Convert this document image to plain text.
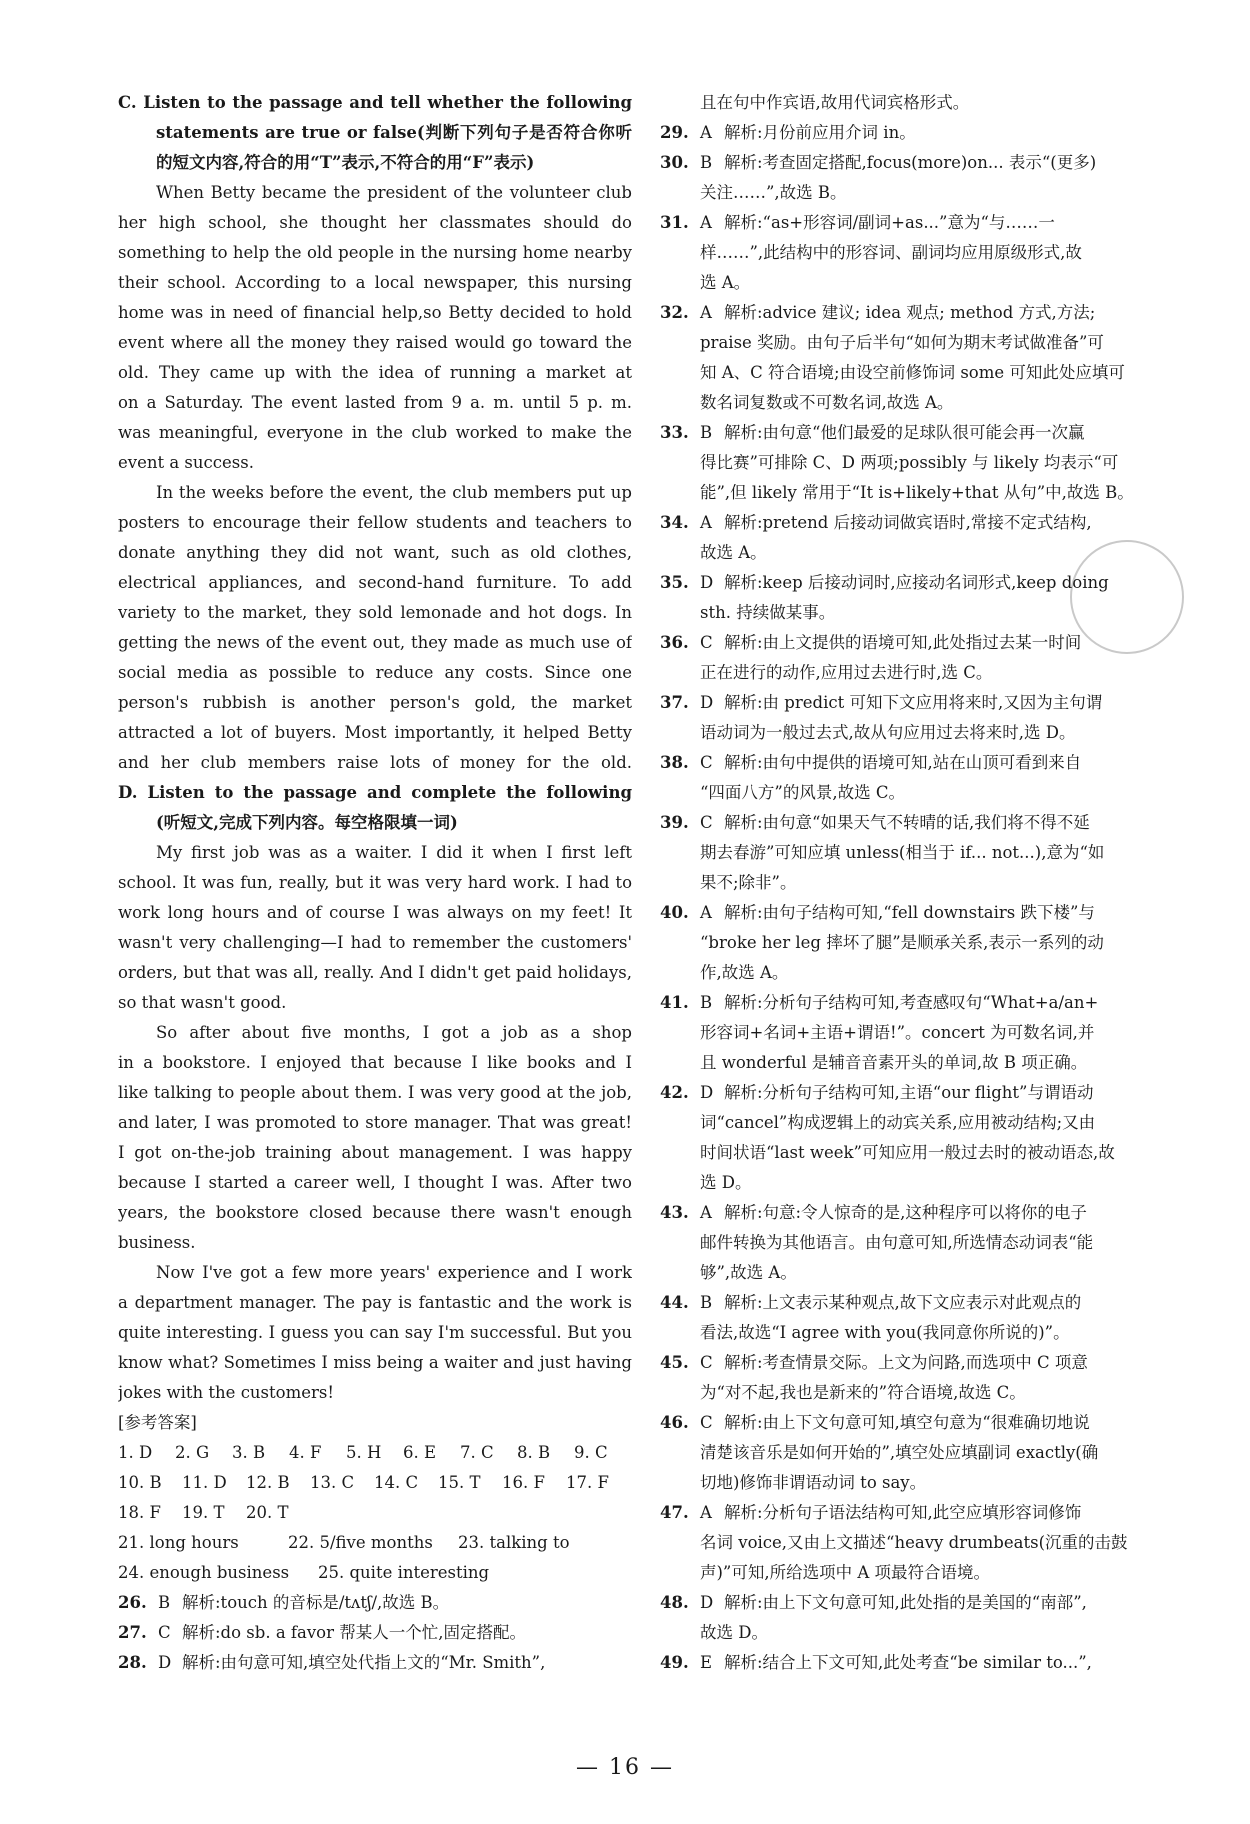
C. Listen to the passage and tell whether the following
statements are true or false(判断下列句子是否符合你听
的短文内容,符合的用“T”表示,不符合的用“F”表示)
When Betty became the president of the volunteer club
her high school, she thought her classmates should do
something to help the old people in the nursing home nearby
their school. According to a local newspaper, this nursing
home was in need of financial help,so Betty decided to hold
event where all the money they raised would go toward the
old. They came up with the idea of running a market at
on a Saturday. The event lasted from 9 a. m. until 5 p. m.
was meaningful, everyone in the club worked to make the
event a success.
In the weeks before the event, the club members put up
posters to encourage their fellow students and teachers to
donate anything they did not want, such as old clothes,
electrical appliances, and second-hand furniture. To add
variety to the market, they sold lemonade and hot dogs. In
getting the news of the event out, they made as much use of
social media as possible to reduce any costs. Since one
person's rubbish is another person's gold, the market
attracted a lot of buyers. Most importantly, it helped Betty
and her club members raise lots of money for the old.
D. Listen to the passage and complete the following
(听短文,完成下列内容。每空格限填一词)
My first job was as a waiter. I did it when I first left
school. It was fun, really, but it was very hard work. I had to
work long hours and of course I was always on my feet! It
wasn't very challenging—I had to remember the customers'
orders, but that was all, really. And I didn't get paid holidays,
so that wasn't good.
So after about five months, I got a job as a shop
in a bookstore. I enjoyed that because I like books and I
like talking to people about them. I was very good at the job,
and later, I was promoted to store manager. That was great!
I got on-the-job training about management. I was happy
because I started a career well, I thought I was. After two
years, the bookstore closed because there wasn't enough
business.
Now I've got a few more years' experience and I work
a department manager. The pay is fantastic and the work is
quite interesting. I guess you can say I'm successful. But you
know what? Sometimes I miss being a waiter and just having
jokes with the customers!
[参考答案]
1. D	2. G	3. B	4. F	5. H	6. E	7. C	8. B	9. C
10. B	11. D	12. B	13. C	14. C	15. T	16. F	17. F
18. F	19. T	20. T
21. long hours	22. 5/five months	23. talking to
24. enough business	25. quite interesting
26. B 解析:touch 的音标是/tʌtʃ/,故选 B。
27. C 解析:do sb. a favor 帮某人一个忙,固定搭配。
28. D 解析:由句意可知,填空处代指上文的“Mr. Smith”,
且在句中作宾语,故用代词宾格形式。
29. A 解析:月份前应用介词 in。
30. B 解析:考查固定搭配,focus(more)on... 表示“(更多)
关注……”,故选 B。
31. A 解析:“as+形容词/副词+as...”意为“与……一
样……”,此结构中的形容词、副词均应用原级形式,故
选 A。
32. A 解析:advice 建议; idea 观点; method 方式,方法;
praise 奖励。由句子后半句“如何为期末考试做准备”可
知 A、C 符合语境;由设空前修饰词 some 可知此处应填可
数名词复数或不可数名词,故选 A。
33. B 解析:由句意“他们最爱的足球队很可能会再一次赢
得比赛”可排除 C、D 两项;possibly 与 likely 均表示“可
能”,但 likely 常用于“It is+likely+that 从句”中,故选 B。
34. A 解析:pretend 后接动词做宾语时,常接不定式结构,
故选 A。
35. D 解析:keep 后接动词时,应接动名词形式,keep doing
sth. 持续做某事。
36. C 解析:由上文提供的语境可知,此处指过去某一时间
正在进行的动作,应用过去进行时,选 C。
37. D 解析:由 predict 可知下文应用将来时,又因为主句谓
语动词为一般过去式,故从句应用过去将来时,选 D。
38. C 解析:由句中提供的语境可知,站在山顶可看到来自
“四面八方”的风景,故选 C。
39. C 解析:由句意“如果天气不转晴的话,我们将不得不延
期去春游”可知应填 unless(相当于 if... not...),意为“如
果不;除非”。
40. A 解析:由句子结构可知,“fell downstairs 跌下楼”与
“broke her leg 摔坏了腿”是顺承关系,表示一系列的动
作,故选 A。
41. B 解析:分析句子结构可知,考查感叹句“What+a/an+
形容词+名词+主语+谓语!”。concert 为可数名词,并
且 wonderful 是辅音音素开头的单词,故 B 项正确。
42. D 解析:分析句子结构可知,主语“our flight”与谓语动
词“cancel”构成逻辑上的动宾关系,应用被动结构;又由
时间状语“last week”可知应用一般过去时的被动语态,故
选 D。
43. A 解析:句意:令人惊奇的是,这种程序可以将你的电子
邮件转换为其他语言。由句意可知,所选情态动词表“能
够”,故选 A。
44. B 解析:上文表示某种观点,故下文应表示对此观点的
看法,故选“I agree with you(我同意你所说的)”。
45. C 解析:考查情景交际。上文为问路,而选项中 C 项意
为“对不起,我也是新来的”符合语境,故选 C。
46. C 解析:由上下文句意可知,填空句意为“很难确切地说
清楚该音乐是如何开始的”,填空处应填副词 exactly(确
切地)修饰非谓语动词 to say。
47. A 解析:分析句子语法结构可知,此空应填形容词修饰
名词 voice,又由上文描述“heavy drumbeats(沉重的击鼓
声)”可知,所给选项中 A 项最符合语境。
48. D 解析:由上下文句意可知,此处指的是美国的“南部”,
故选 D。
49. E 解析:结合上下文可知,此处考查“be similar to...”,
— 16 —
